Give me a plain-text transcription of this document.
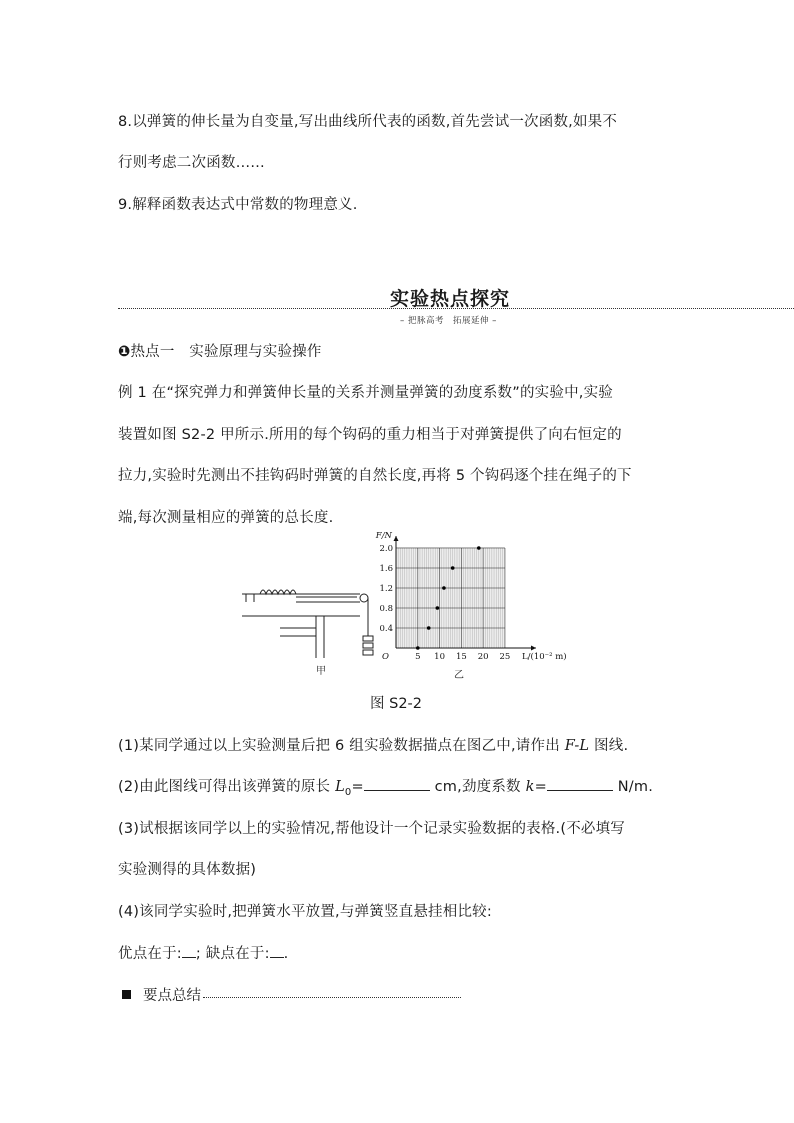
8.以弹簧的伸长量为自变量,写出曲线所代表的函数,首先尝试一次函数,如果不
行则考虑二次函数……
9.解释函数表达式中常数的物理意义.
实验热点探究
– 把脉高考　拓展延伸 –
❶热点一　实验原理与实验操作
例 1 在“探究弹力和弹簧伸长量的关系并测量弹簧的劲度系数”的实验中,实验
装置如图 S2-2 甲所示.所用的每个钩码的重力相当于对弹簧提供了向右恒定的
拉力,实验时先测出不挂钩码时弹簧的自然长度,再将 5 个钩码逐个挂在绳子的下
端,每次测量相应的弹簧的总长度.
甲
5 10 15 20 25
0.4
0.8
1.2
1.6
2.0
O
F/N
L/(10⁻² m)
乙
图 S2-2
(1)某同学通过以上实验测量后把 6 组实验数据描点在图乙中,请作出 F-L 图线.
(2)由此图线可得出该弹簧的原长 $L_0=$	cm,劲度系数 k=	N/m.
(3)试根据该同学以上的实验情况,帮他设计一个记录实验数据的表格.(不必填写
实验测得的具体数据)
(4)该同学实验时,把弹簧水平放置,与弹簧竖直悬挂相比较:
优点在于: ; 缺点在于: .
要点总结
